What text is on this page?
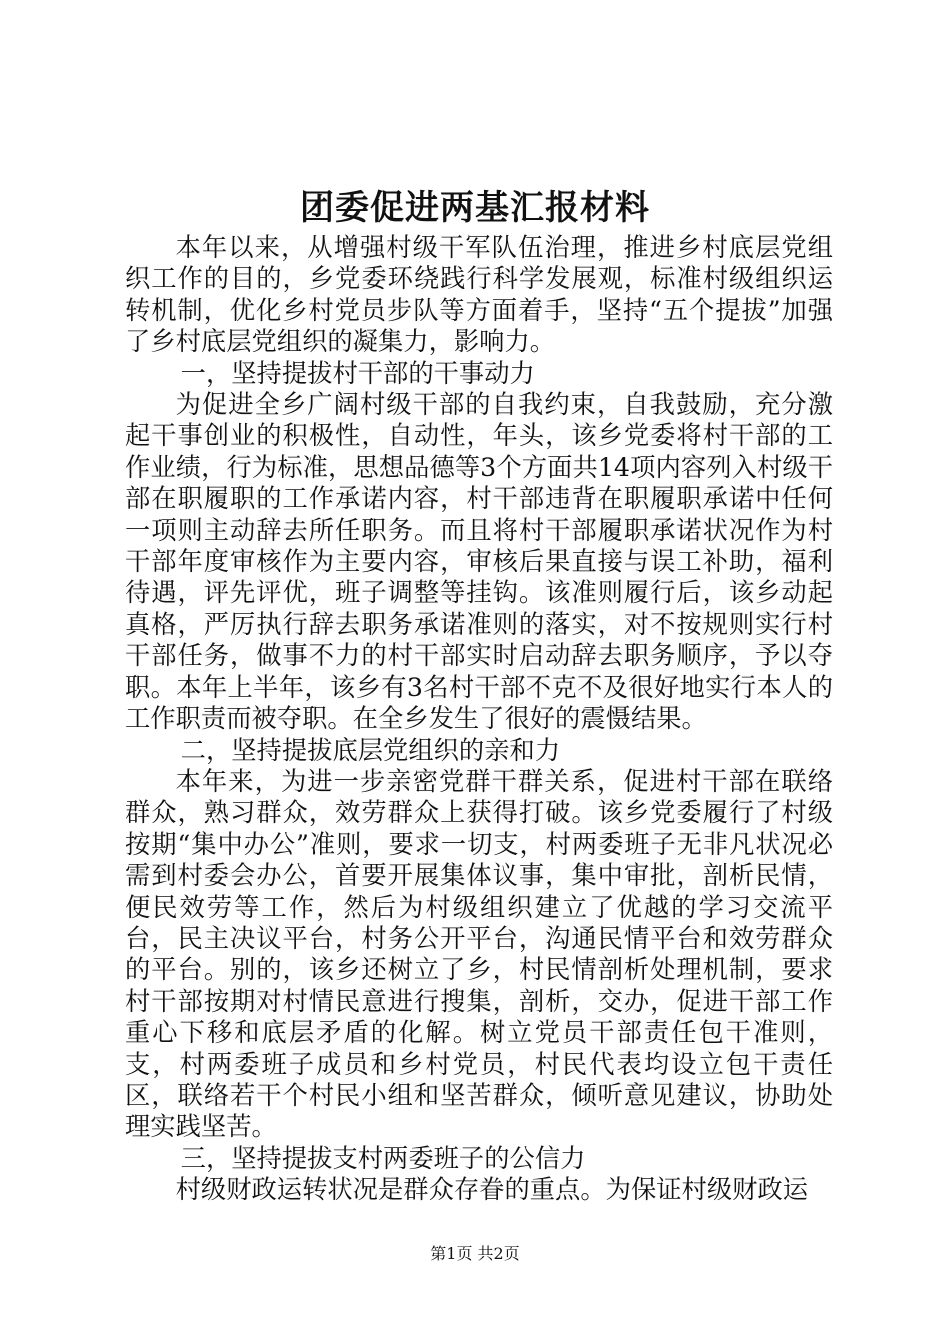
团委促进两基汇报材料

本年以来，从增强村级干军队伍治理，推进乡村底层党组织工作的目的，乡党委环绕践行科学发展观，标准村级组织运转机制，优化乡村党员步队等方面着手，坚持“五个提拔”加强了乡村底层党组织的凝集力，影响力。

一，坚持提拔村干部的干事动力

为促进全乡广阔村级干部的自我约束，自我鼓励，充分激起干事创业的积极性，自动性，年头，该乡党委将村干部的工作业绩，行为标准，思想品德等3个方面共14项内容列入村级干部在职履职的工作承诺内容，村干部违背在职履职承诺中任何一项则主动辞去所任职务。而且将村干部履职承诺状况作为村干部年度审核作为主要内容，审核后果直接与误工补助，福利待遇，评先评优，班子调整等挂钩。该准则履行后，该乡动起真格，严厉执行辞去职务承诺准则的落实，对不按规则实行村干部任务，做事不力的村干部实时启动辞去职务顺序，予以夺职。本年上半年，该乡有3名村干部不克不及很好地实行本人的工作职责而被夺职。在全乡发生了很好的震慑结果。

二，坚持提拔底层党组织的亲和力

本年来，为进一步亲密党群干群关系，促进村干部在联络群众，熟习群众，效劳群众上获得打破。该乡党委履行了村级按期“集中办公”准则，要求一切支，村两委班子无非凡状况必需到村委会办公，首要开展集体议事，集中审批，剖析民情，便民效劳等工作，然后为村级组织建立了优越的学习交流平台，民主决议平台，村务公开平台，沟通民情平台和效劳群众的平台。别的，该乡还树立了乡，村民情剖析处理机制，要求村干部按期对村情民意进行搜集，剖析，交办，促进干部工作重心下移和底层矛盾的化解。树立党员干部责任包干准则，支，村两委班子成员和乡村党员，村民代表均设立包干责任区，联络若干个村民小组和坚苦群众，倾听意见建议，协助处理实践坚苦。

三，坚持提拔支村两委班子的公信力

村级财政运转状况是群众存眷的重点。为保证村级财政运

第1页 共2页
